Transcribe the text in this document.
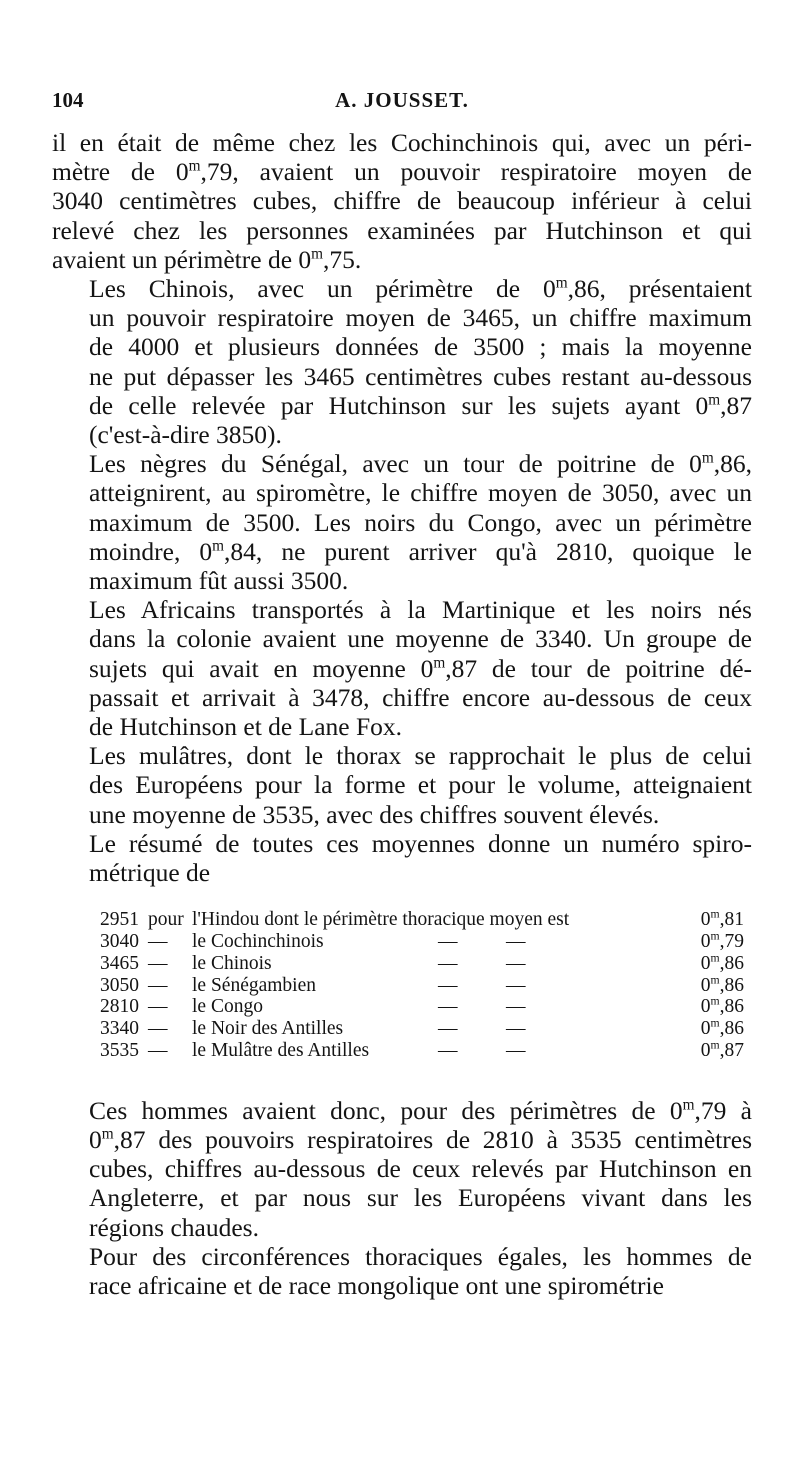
104	A. JOUSSET.

il en était de même chez les Cochinchinois qui, avec un péri-
mètre de 0$^m$,79, avaient un pouvoir respiratoire moyen de
3040 centimètres cubes, chiffre de beaucoup inférieur à celui
relevé chez les personnes examinées par Hutchinson et qui
avaient un périmètre de 0$^m$,75.

Les Chinois, avec un périmètre de 0$^m$,86, présentaient
un pouvoir respiratoire moyen de 3465, un chiffre maximum
de 4000 et plusieurs données de 3500 ; mais la moyenne
ne put dépasser les 3465 centimètres cubes restant au-dessous
de celle relevée par Hutchinson sur les sujets ayant 0$^m$,87
(c'est-à-dire 3850).

Les nègres du Sénégal, avec un tour de poitrine de 0$^m$,86,
atteignirent, au spiromètre, le chiffre moyen de 3050, avec un
maximum de 3500. Les noirs du Congo, avec un périmètre
moindre, 0$^m$,84, ne purent arriver qu'à 2810, quoique le
maximum fût aussi 3500.

Les Africains transportés à la Martinique et les noirs nés
dans la colonie avaient une moyenne de 3340. Un groupe de
sujets qui avait en moyenne 0$^m$,87 de tour de poitrine dé-
passait et arrivait à 3478, chiffre encore au-dessous de ceux
de Hutchinson et de Lane Fox.

Les mulâtres, dont le thorax se rapprochait le plus de celui
des Européens pour la forme et pour le volume, atteignaient
une moyenne de 3535, avec des chiffres souvent élevés.

Le résumé de toutes ces moyennes donne un numéro spiro-
métrique de

2951 pour l'Hindou dont le périmètre thoracique moyen est	0$^m$,81
3040 —	le Cochinchinois	—	—	0$^m$,79
3465 —	le Chinois	—	—	0$^m$,86
3050 —	le Sénégambien	—	—	0$^m$,86
2810 —	le Congo	—	—	0$^m$,86
3340 —	le Noir des Antilles	—	—	0$^m$,86
3535 —	le Mulâtre des Antilles	—	—	0$^m$,87

Ces hommes avaient donc, pour des périmètres de 0$^m$,79 à
0$^m$,87 des pouvoirs respiratoires de 2810 à 3535 centimètres
cubes, chiffres au-dessous de ceux relevés par Hutchinson en
Angleterre, et par nous sur les Européens vivant dans les
régions chaudes.

Pour des circonférences thoraciques égales, les hommes de
race africaine et de race mongolique ont une spirométrie
